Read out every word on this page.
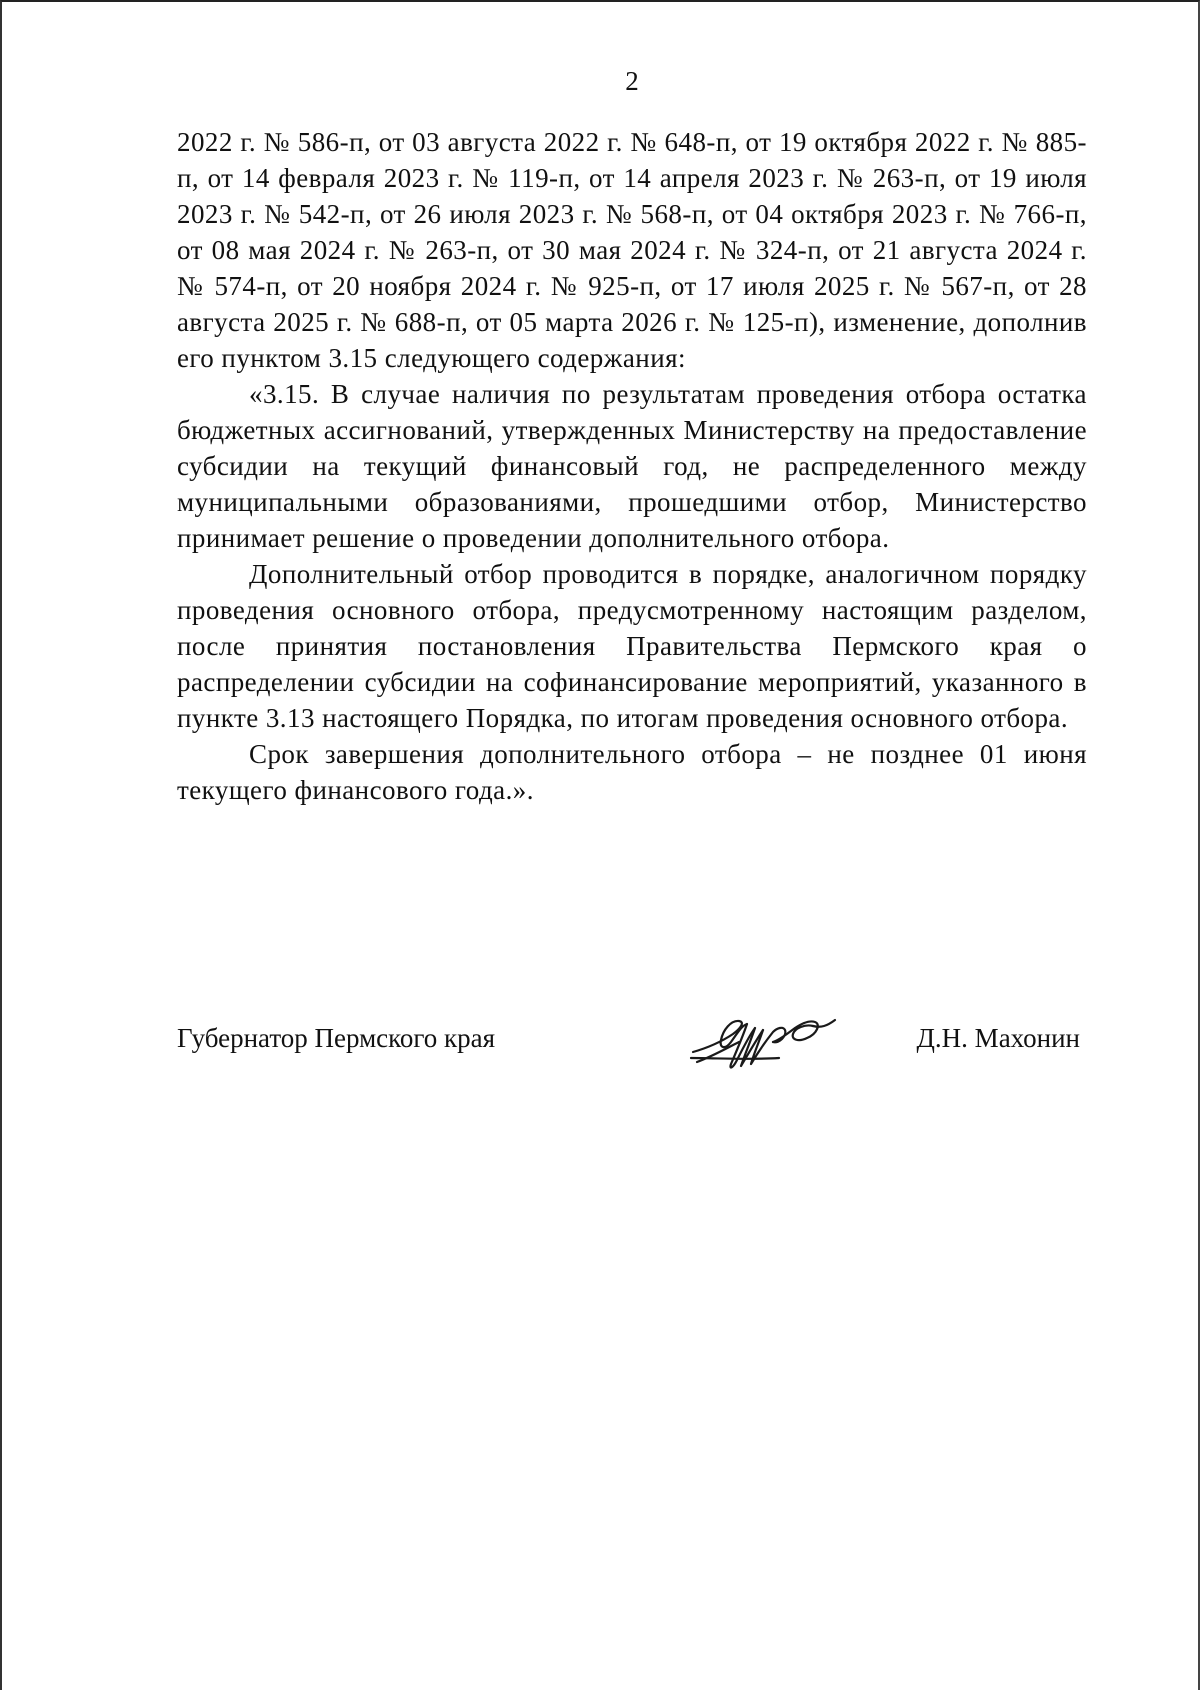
2

2022 г. № 586-п, от 03 августа 2022 г. № 648-п, от 19 октября 2022 г. № 885-п, от 14 февраля 2023 г. № 119-п, от 14 апреля 2023 г. № 263-п, от 19 июля 2023 г. № 542-п, от 26 июля 2023 г. № 568-п, от 04 октября 2023 г. № 766-п, от 08 мая 2024 г. № 263-п, от 30 мая 2024 г. № 324-п, от 21 августа 2024 г. № 574-п, от 20 ноября 2024 г. № 925-п, от 17 июля 2025 г. № 567-п, от 28 августа 2025 г. № 688-п, от 05 марта 2026 г. № 125-п), изменение, дополнив его пунктом 3.15 следующего содержания:

«3.15. В случае наличия по результатам проведения отбора остатка бюджетных ассигнований, утвержденных Министерству на предоставление субсидии на текущий финансовый год, не распределенного между муниципальными образованиями, прошедшими отбор, Министерство принимает решение о проведении дополнительного отбора.

Дополнительный отбор проводится в порядке, аналогичном порядку проведения основного отбора, предусмотренному настоящим разделом, после принятия постановления Правительства Пермского края о распределении субсидии на софинансирование мероприятий, указанного в пункте 3.13 настоящего Порядка, по итогам проведения основного отбора.

Срок завершения дополнительного отбора – не позднее 01 июня текущего финансового года.».

Губернатор Пермского края	Д.Н. Махонин
